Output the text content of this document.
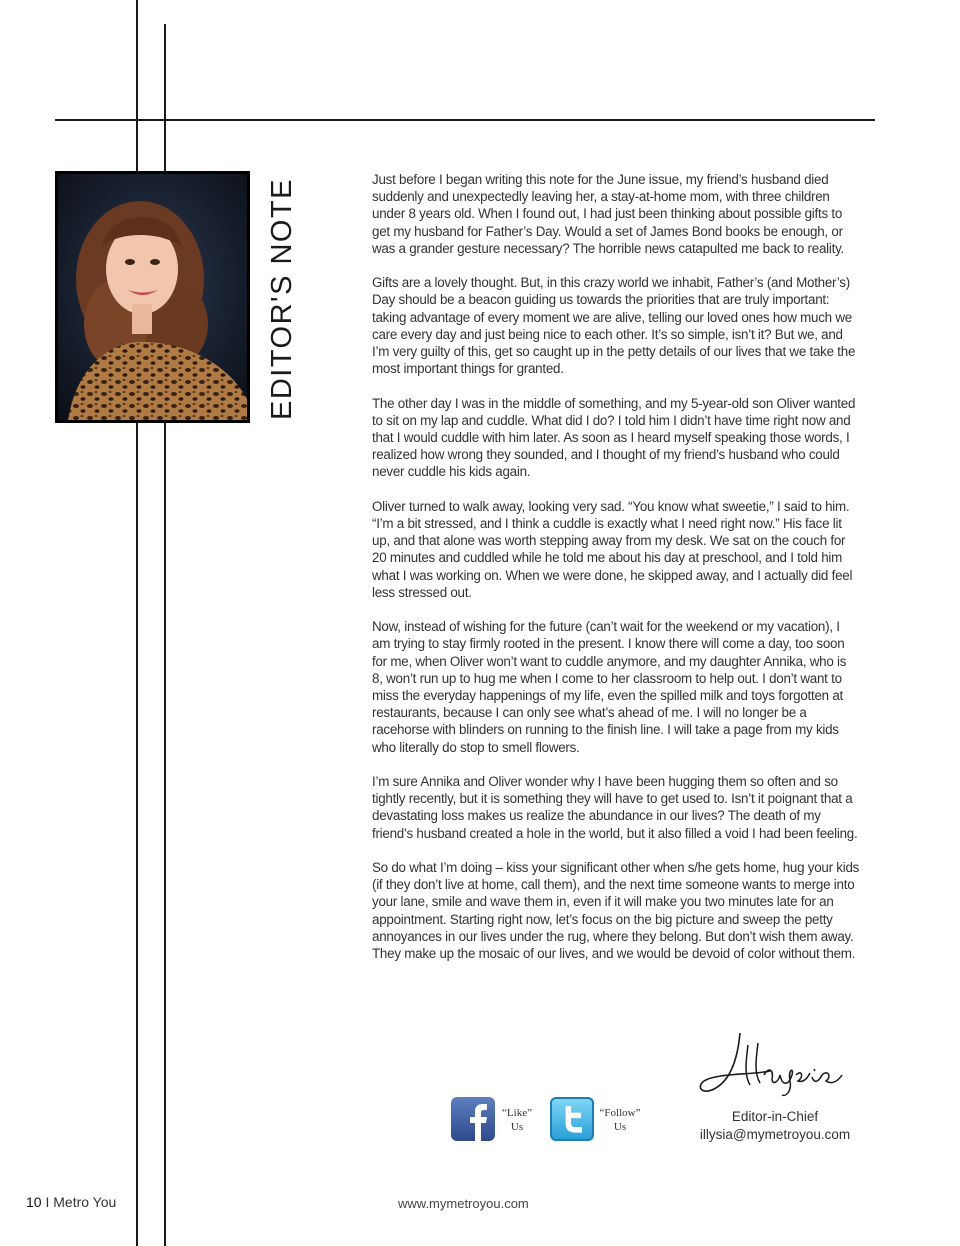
EDITOR'S NOTE	Just before I began writing this note for the June issue, my friend’s husband died suddenly and unexpectedly leaving her, a stay-at-home mom, with three children under 8 years old. When I found out, I had just been thinking about possible gifts to get my husband for Father’s Day. Would a set of James Bond books be enough, or was a grander gesture necessary? The horrible news catapulted me back to reality.

Gifts are a lovely thought. But, in this crazy world we inhabit, Father’s (and Mother’s) Day should be a beacon guiding us towards the priorities that are truly important: taking advantage of every moment we are alive, telling our loved ones how much we care every day and just being nice to each other. It’s so simple, isn’t it? But we, and I’m very guilty of this, get so caught up in the petty details of our lives that we take the most important things for granted.

The other day I was in the middle of something, and my 5-year-old son Oliver wanted to sit on my lap and cuddle. What did I do? I told him I didn’t have time right now and that I would cuddle with him later. As soon as I heard myself speaking those words, I realized how wrong they sounded, and I thought of my friend’s husband who could never cuddle his kids again.

Oliver turned to walk away, looking very sad. “You know what sweetie,” I said to him. “I’m a bit stressed, and I think a cuddle is exactly what I need right now.” His face lit up, and that alone was worth stepping away from my desk. We sat on the couch for 20 minutes and cuddled while he told me about his day at preschool, and I told him what I was working on. When we were done, he skipped away, and I actually did feel less stressed out.

Now, instead of wishing for the future (can’t wait for the weekend or my vacation), I am trying to stay firmly rooted in the present. I know there will come a day, too soon for me, when Oliver won’t want to cuddle anymore, and my daughter Annika, who is 8, won’t run up to hug me when I come to her classroom to help out. I don’t want to miss the everyday happenings of my life, even the spilled milk and toys forgotten at restaurants, because I can only see what’s ahead of me. I will no longer be a racehorse with blinders on running to the finish line. I will take a page from my kids who literally do stop to smell flowers.

I’m sure Annika and Oliver wonder why I have been hugging them so often and so tightly recently, but it is something they will have to get used to. Isn’t it poignant that a devastating loss makes us realize the abundance in our lives? The death of my friend’s husband created a hole in the world, but it also filled a void I had been feeling.

So do what I’m doing – kiss your significant other when s/he gets home, hug your kids (if they don’t live at home, call them), and the next time someone wants to merge into your lane, smile and wave them in, even if it will make you two minutes late for an appointment. Starting right now, let’s focus on the big picture and sweep the petty annoyances in our lives under the rug, where they belong. But don’t wish them away. They make up the mosaic of our lives, and we would be devoid of color without them.

Editor-in-Chief
illysia@mymetroyou.com
“Like”
Us
“Follow”
Us
10 I Metro You	www.mymetroyou.com
